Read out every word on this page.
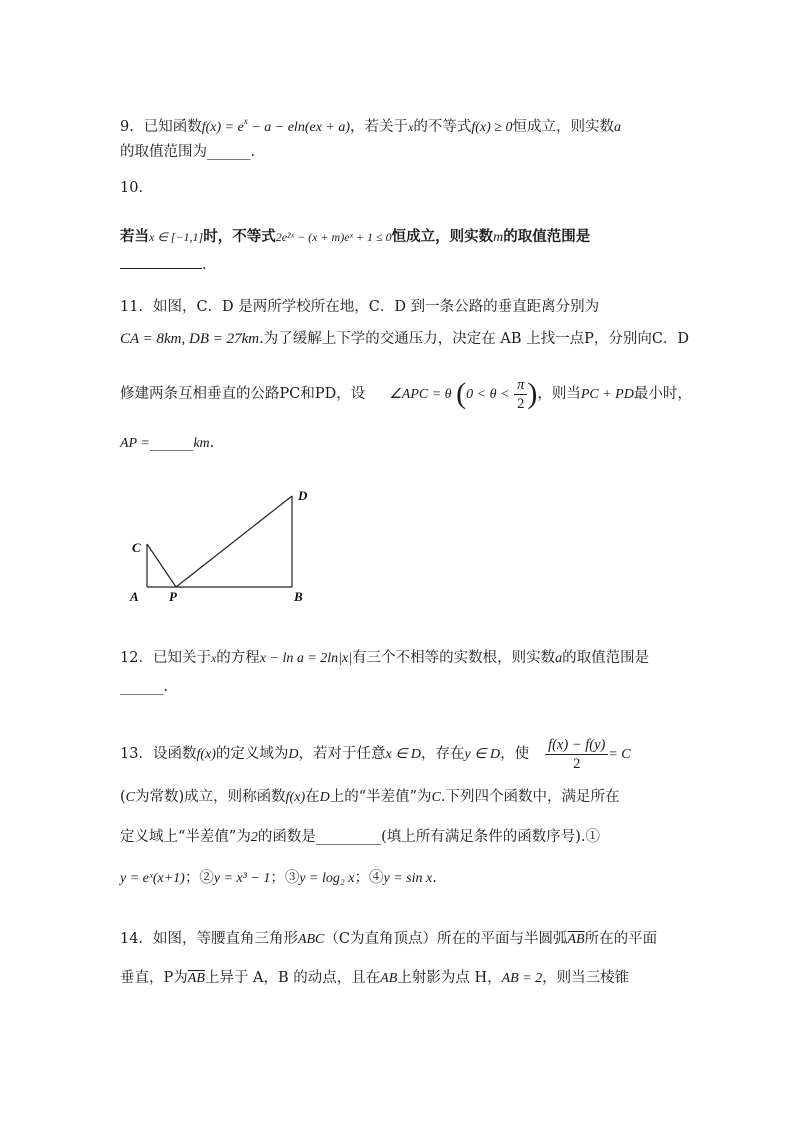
9．已知函数$f(x) = e^x - a - eln(ex + a)$，若关于x的不等式f(x) ≥ 0恒成立，则实数a
的取值范围为______.
10．
若当x ∈ [−1,1]时，不等式2e²ˣ − (x + m)eˣ + 1 ≤ 0恒成立，则实数m的取值范围是
.
11．如图，C．D 是两所学校所在地，C．D 到一条公路的垂直距离分别为
CA = 8km, DB = 27km.为了缓解上下学的交通压力，决定在 AB 上找一点P，分别向C．D
修建两条互相垂直的公路PC和PD，设 ∠APC = θ ($0 < \theta < \frac{\pi}{2}$ )，则当PC + PD最小时，
AP =______km.
C
A P	B
D
12．已知关于x的方程x − ln a = 2ln|x|有三个不相等的实数根，则实数a的取值范围是
______.
13．设函数f(x)的定义域为D，若对于任意x ∈ D，存在y ∈ D，使 $\frac{f(x) - f(y)}{2} = C$
(C为常数)成立，则称函数f(x)在D上的“半差值”为C.下列四个函数中，满足所在
定义域上“半差值”为2的函数是_________(填上所有满足条件的函数序号).①
y = eˣ(x+1)；②y = x³ − 1；③y = log₂ x；④y = sin x.
14．如图，等腰直角三角形ABC（C为直角顶点）所在的平面与半圆弧$\overline{AB}$所在的平面
垂直，P为$\overline{AB}$上异于 A，B 的动点，且在AB上射影为点 H，AB = 2，则当三棱锥
